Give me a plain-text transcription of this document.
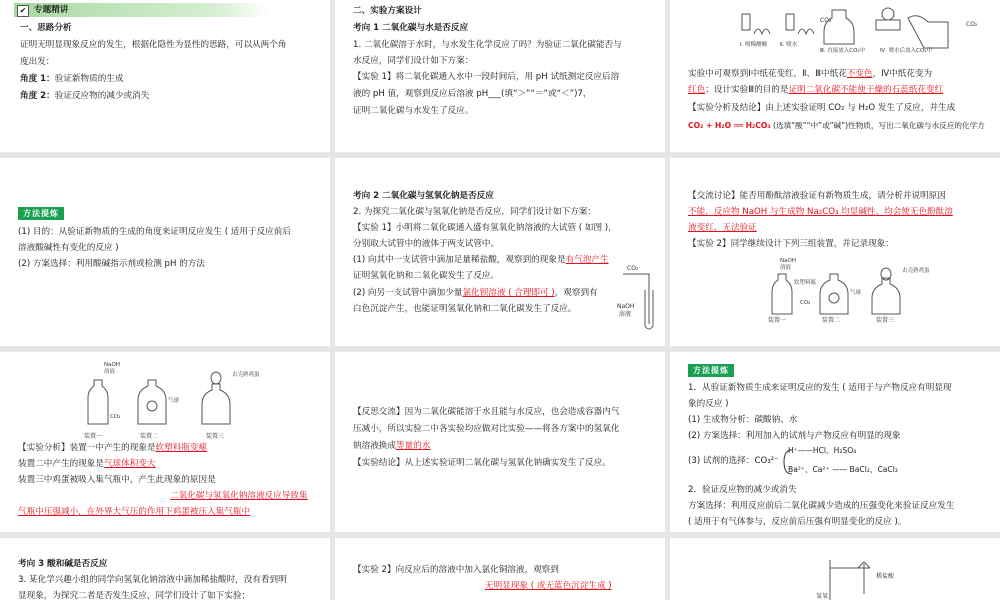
✔ 专题精讲
一、思路分析
证明无明显现象反应的发生，根据化隐性为显性的思路，可以从两个角
度出发：
角度 1：验证新物质的生成
角度 2：验证反应物的减少或消失
二、实验方案设计
考向 1 二氧化碳与水是否反应
1. 二氧化碳溶于水时，与水发生化学反应了吗？为验证二氧化碳能否与
水反应，同学们设计如下方案：
【实验 1】将二氧化碳通入水中一段时间后，用 pH 试纸测定反应后溶
液的 pH 值，观察到反应后溶液 pH___(填“＞”“＝”或“＜”)7，
证明二氧化碳与水发生了反应。
CO₂
CO₂
Ⅰ. 喷稀醋酸 Ⅱ. 喷水
Ⅲ. 直接放入CO₂中	Ⅳ. 喷水后放入CO₂中
实验中可观察到Ⅰ中纸花变红，Ⅱ、Ⅲ中纸花不变色，Ⅳ中纸花变为
红色；设计实验Ⅲ的目的是证明二氧化碳不能使干燥的石蕊纸花变红
【实验分析及结论】由上述实验证明 CO₂ 与 H₂O 发生了反应，并生成
CO₂ + H₂O ══ H₂CO₃ (选填“酸”“中”或“碱”)性物质，写出二氧化碳与水反应的化学方
方法提炼
(1) 目的：从验证新物质的生成的角度来证明反应发生 ( 适用于反应前后
溶液酸碱性有变化的反应 )
(2) 方案选择：利用酸碱指示剂或检测 pH 的方法
考向 2 二氧化碳与氢氧化钠是否反应
2. 为探究二氧化碳与氢氧化钠是否反应，同学们设计如下方案：
【实验 1】小明将二氧化碳通入盛有氢氧化钠溶液的大试管 ( 如图 )，
分别取大试管中的液体于两支试管中。
(1) 向其中一支试管中滴加足量稀盐酸，观察到的现象是有气泡产生
证明氢氧化钠和二氧化碳发生了反应。
(2) 向另一支试管中滴加少量氯化钡溶液 ( 合理即可 )，观察到有
白色沉淀产生，也能证明氢氧化钠和二氧化碳发生了反应。
CO₂
NaOH
溶液
【交流讨论】能否用酚酞溶液验证有新物质生成，请分析并说明原因
不能，反应物 NaOH 与生成物 Na₂CO₃ 均显碱性，均会使无色酚酞溶
液变红，无法验证
【实验 2】同学继续设计下列三组装置，并记录现象：
NaOH
溶液
软塑料瓶
CO₂
气球
去壳熟鸡蛋
装置一	装置二	装置三
NaOH
溶液
CO₂
气球
去壳熟鸡蛋
装置一	装置二	装置三
【实验分析】装置一中产生的现象是软塑料瓶变瘪
装置二中产生的现象是气球体积变大
装置三中鸡蛋被吸入集气瓶中，产生此现象的原因是
二氧化碳与氢氧化钠溶液反应导致集
气瓶中压强减小，在外界大气压的作用下鸡蛋被压入集气瓶中
【反思交流】因为二氧化碳能溶于水且能与水反应，也会造成容器内气
压减小，所以实验二中各实验均应做对比实验——将各方案中的氢氧化
钠溶液换成等量的水
【实验结论】从上述实验证明二氧化碳与氢氧化钠确实发生了反应。
方法提炼
1．从验证新物质生成来证明反应的发生 ( 适用于与产物反应有明显现
象的反应 )
(1) 生成物分析：碳酸钠、水
(2) 方案选择：利用加入的试剂与产物反应有明显的现象
(3) 试剂的选择：CO₃²⁻
H⁺——HCl、H₂SO₄
Ba²⁺、Ca²⁺ —— BaCl₂、CaCl₂
2．验证反应物的减少或消失
方案选择：利用反应前后二氧化碳减少造成的压强变化来验证反应发生
( 适用于有气体参与，反应前后压强有明显变化的反应 )。
考向 3 酸和碱是否反应
3. 某化学兴趣小组的同学向氢氧化钠溶液中滴加稀盐酸时，没有看到明
显现象，为探究二者是否发生反应，同学们设计了如下实验：
【实验 2】向反应后的溶液中加入氯化铜溶液，观察到
无明显现象 ( 或无蓝色沉淀生成 )
稀盐酸
氢氧
